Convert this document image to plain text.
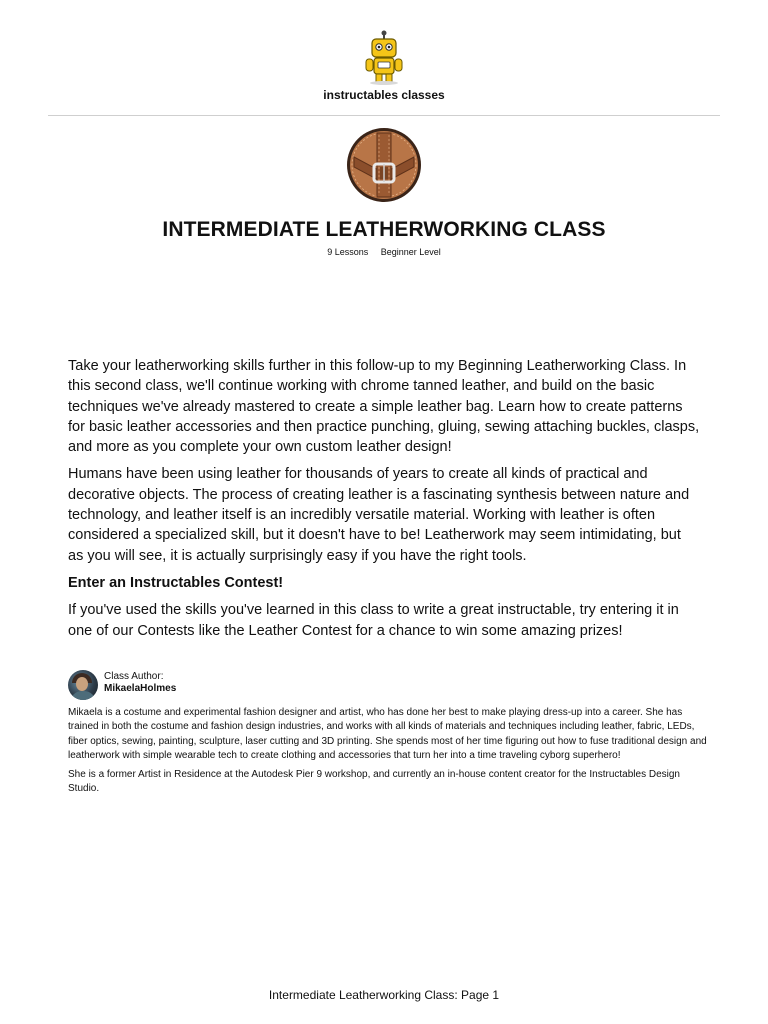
instructables classes
INTERMEDIATE LEATHERWORKING CLASS
9 Lessons Beginner Level

Take your leatherworking skills further in this follow-up to my Beginning Leatherworking Class. In this second class, we'll continue working with chrome tanned leather, and build on the basic techniques we've already mastered to create a simple leather bag. Learn how to create patterns for basic leather accessories and then practice punching, gluing, sewing attaching buckles, clasps, and more as you complete your own custom leather design!

Humans have been using leather for thousands of years to create all kinds of practical and decorative objects. The process of creating leather is a fascinating synthesis between nature and technology, and leather itself is an incredibly versatile material. Working with leather is often considered a specialized skill, but it doesn't have to be! Leatherwork may seem intimidating, but as you will see, it is actually surprisingly easy if you have the right tools.

Enter an Instructables Contest!

If you've used the skills you've learned in this class to write a great instructable, try entering it in one of our Contests like the Leather Contest for a chance to win some amazing prizes!

Class Author:
MikaelaHolmes

Mikaela is a costume and experimental fashion designer and artist, who has done her best to make playing dress-up into a career. She has trained in both the costume and fashion design industries, and works with all kinds of materials and techniques including leather, fabric, LEDs, fiber optics, sewing, painting, sculpture, laser cutting and 3D printing. She spends most of her time figuring out how to fuse traditional design and leatherwork with simple wearable tech to create clothing and accessories that turn her into a time traveling cyborg superhero!

She is a former Artist in Residence at the Autodesk Pier 9 workshop, and currently an in-house content creator for the Instructables Design Studio.

Intermediate Leatherworking Class: Page 1
